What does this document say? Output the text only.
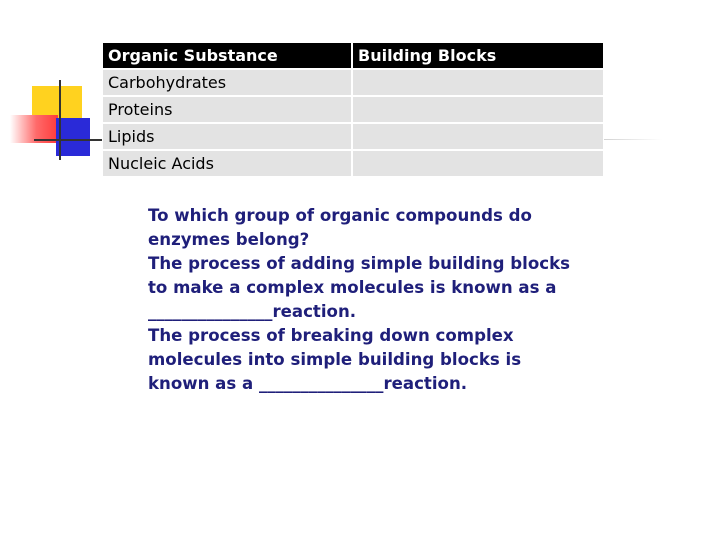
Organic Substance	Building Blocks
Carbohydrates	
Proteins	
Lipids	
Nucleic Acids	

To which group of organic compounds do enzymes belong?

The process of adding simple building blocks to make a complex molecules is known as a _______________reaction.

The process of breaking down complex molecules into simple building blocks is known as a _______________reaction.
